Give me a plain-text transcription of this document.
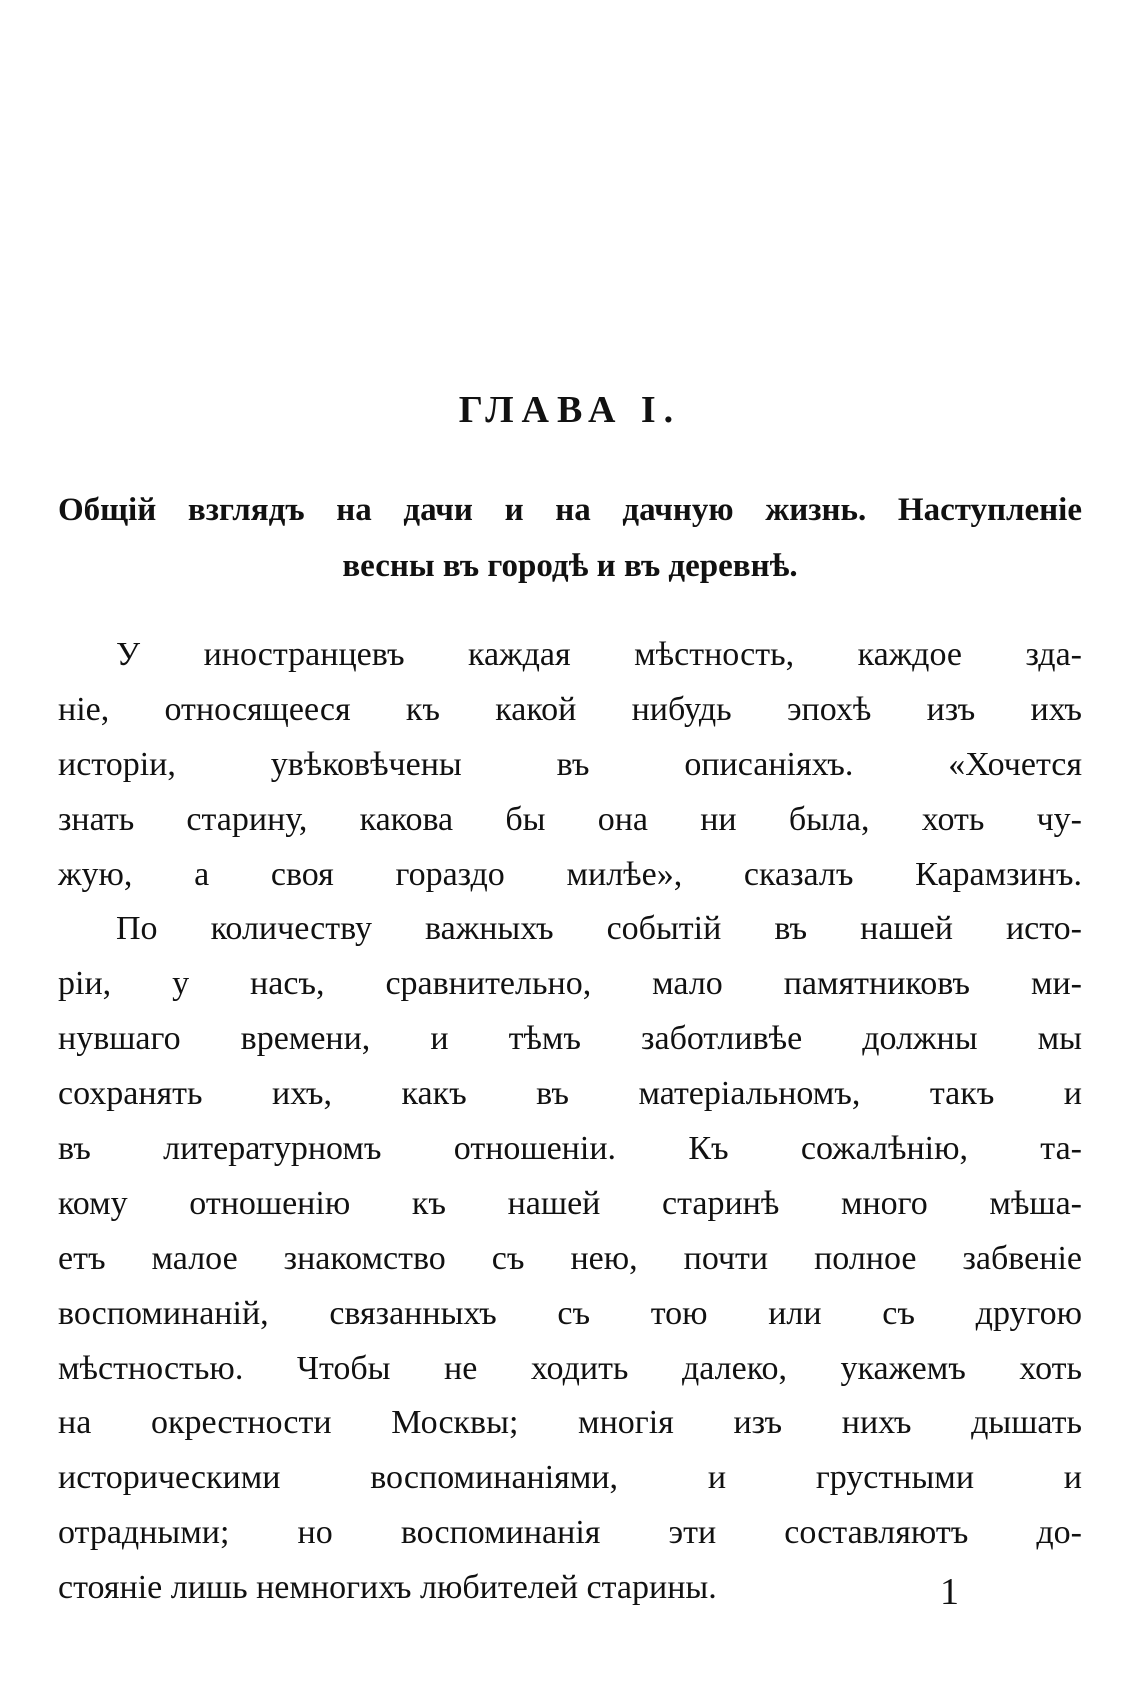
ГЛАВА I.
Общій взглядъ на дачи и на дачную жизнь. Наступленіе
весны въ городѣ и въ деревнѣ.
У иностранцевъ каждая мѣстность, каждое зда-
ніе, относящееся къ какой нибудь эпохѣ изъ ихъ
исторіи, увѣковѣчены въ описаніяхъ. «Хочется
знать старину, какова бы она ни была, хоть чу-
жую, а своя гораздо милѣе», сказалъ Карамзинъ.
По количеству важныхъ событій въ нашей исто-
ріи, у насъ, сравнительно, мало памятниковъ ми-
нувшаго времени, и тѣмъ заботливѣе должны мы
сохранять ихъ, какъ въ матеріальномъ, такъ и
въ литературномъ отношеніи. Къ сожалѣнію, та-
кому отношенію къ нашей старинѣ много мѣша-
етъ малое знакомство съ нею, почти полное забвеніе
воспоминаній, связанныхъ съ тою или съ другою
мѣстностью. Чтобы не ходить далеко, укажемъ хоть
на окрестности Москвы; многія изъ нихъ дышать
историческими воспоминаніями, и грустными и
отрадными; но воспоминанія эти составляютъ до-
стояніе лишь немногихъ любителей старины.	1
